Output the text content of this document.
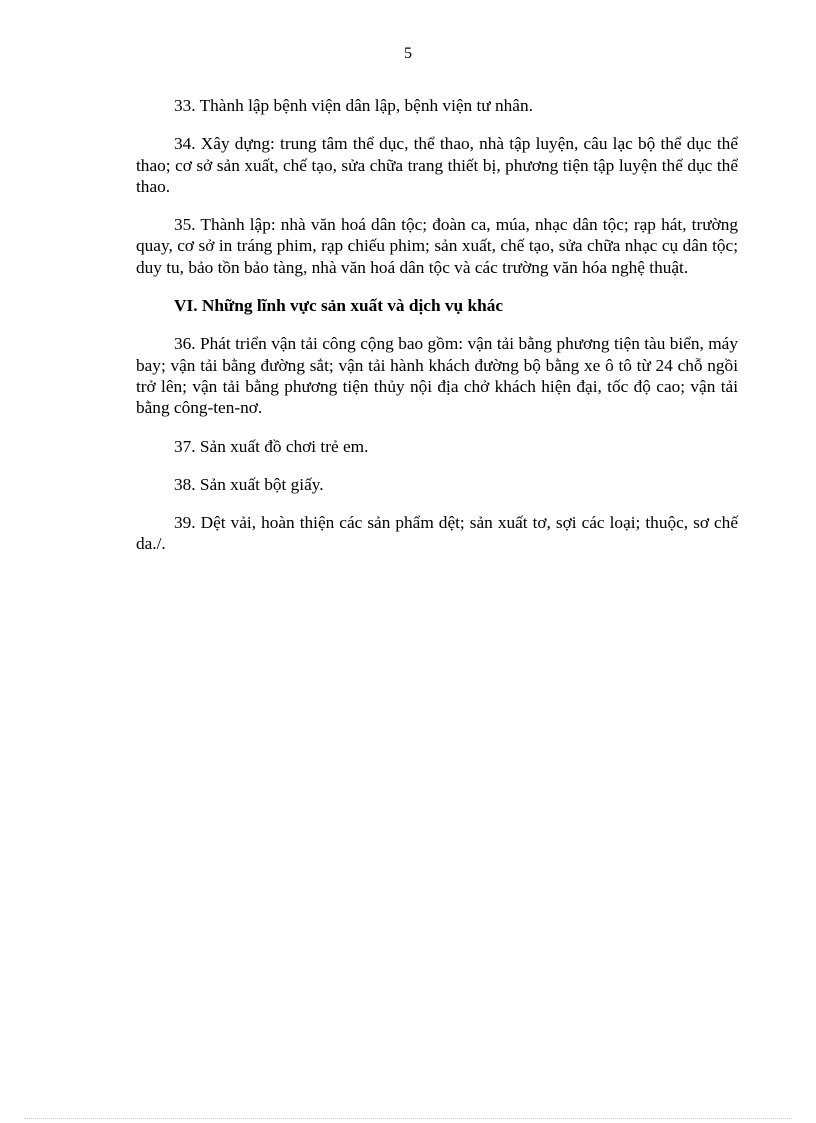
5

33. Thành lập bệnh viện dân lập, bệnh viện tư nhân.

34. Xây dựng: trung tâm thể dục, thể thao, nhà tập luyện, câu lạc bộ thể dục thể thao; cơ sở sản xuất, chế tạo, sửa chữa trang thiết bị, phương tiện tập luyện thể dục thể thao.

35. Thành lập: nhà văn hoá dân tộc; đoàn ca, múa, nhạc dân tộc; rạp hát, trường quay, cơ sở in tráng phim, rạp chiếu phim; sản xuất, chế tạo, sửa chữa nhạc cụ dân tộc; duy tu, bảo tồn bảo tàng, nhà văn hoá dân tộc và các trường văn hóa nghệ thuật.

VI. Những lĩnh vực sản xuất và dịch vụ khác

36. Phát triển vận tải công cộng bao gồm: vận tải bằng phương tiện tàu biển, máy bay; vận tải bằng đường sắt; vận tải hành khách đường bộ bằng xe ô tô từ 24 chỗ ngồi trở lên; vận tải bằng phương tiện thủy nội địa chở khách hiện đại, tốc độ cao; vận tải bằng công-ten-nơ.

37. Sản xuất đồ chơi trẻ em.

38. Sản xuất bột giấy.

39. Dệt vải, hoàn thiện các sản phẩm dệt; sản xuất tơ, sợi các loại; thuộc, sơ chế da./.
